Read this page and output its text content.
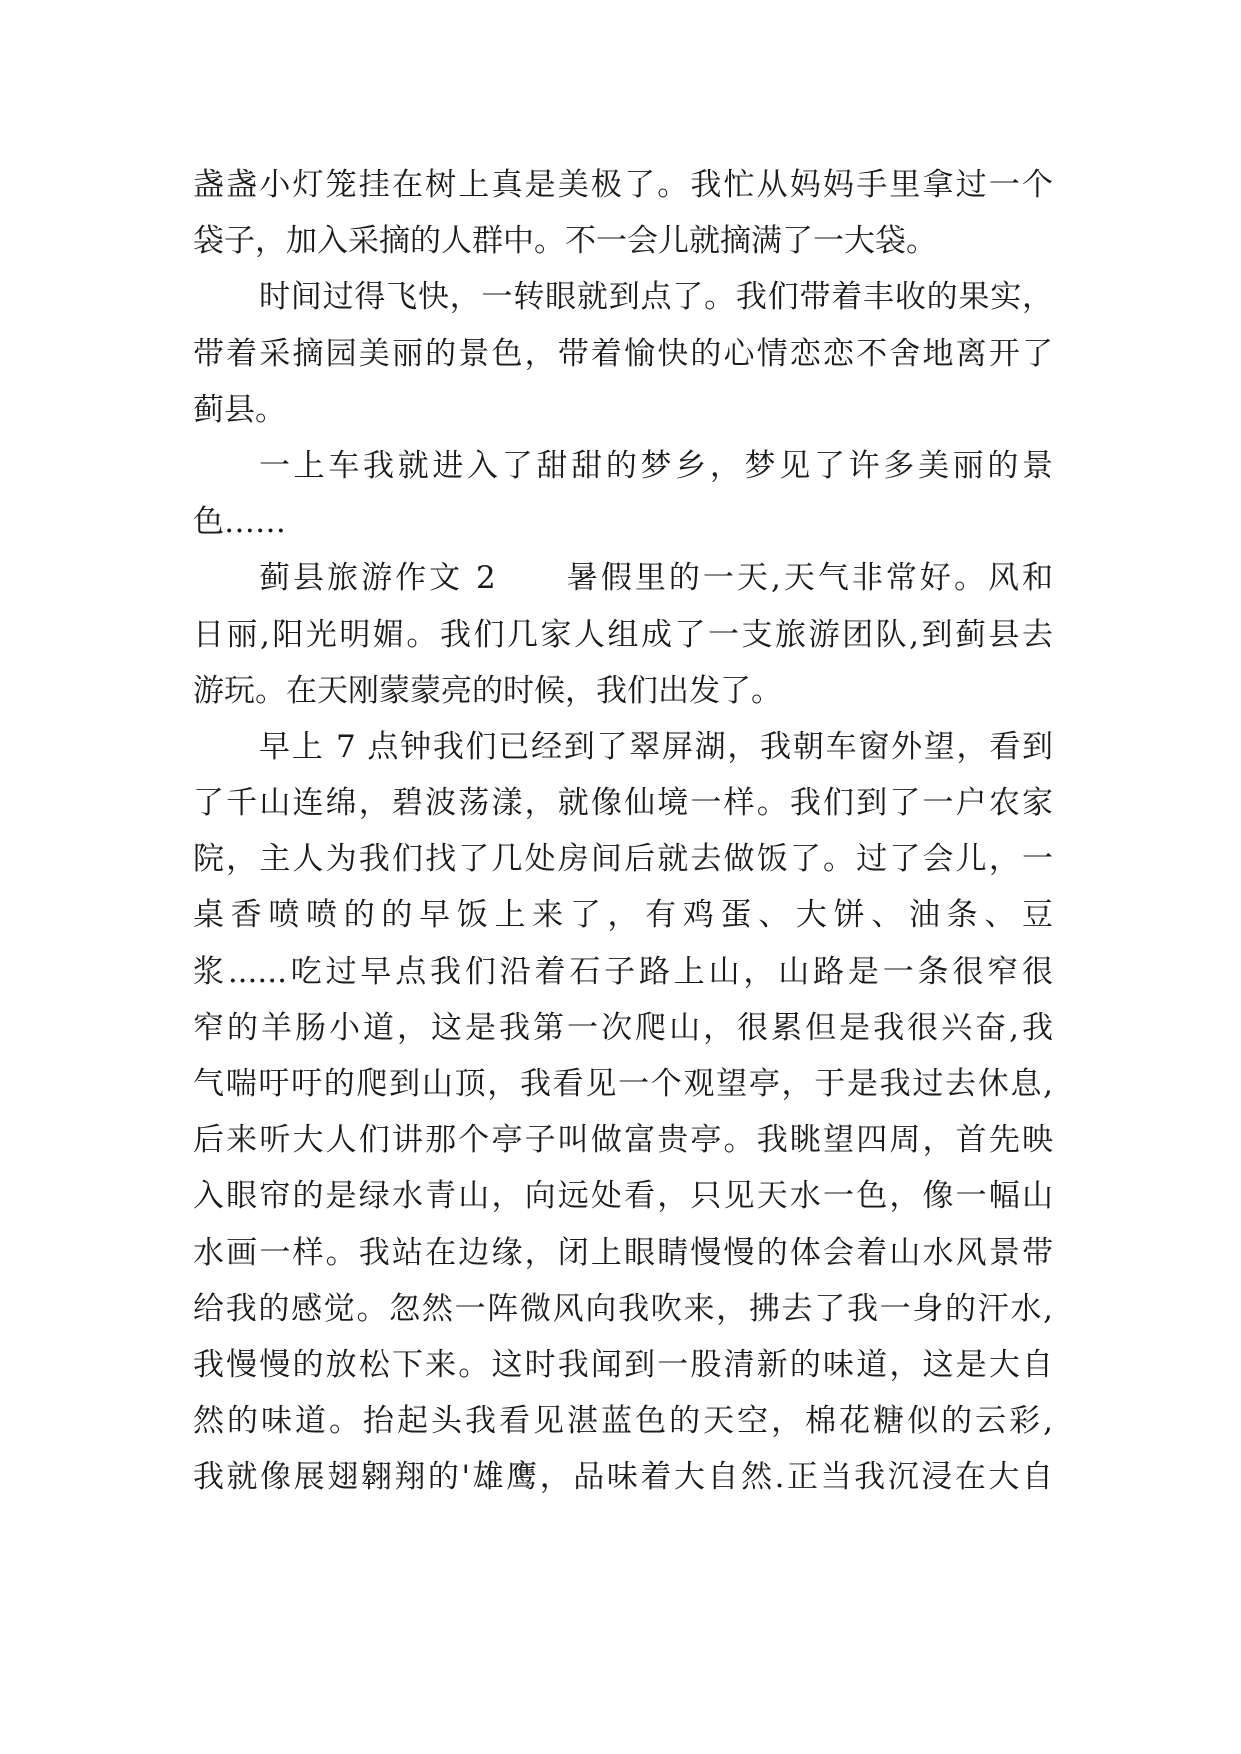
盏盏小灯笼挂在树上真是美极了。我忙从妈妈手里拿过一个
袋子，加入采摘的人群中。不一会儿就摘满了一大袋。
时间过得飞快，一转眼就到点了。我们带着丰收的果实，
带着采摘园美丽的景色，带着愉快的心情恋恋不舍地离开了
蓟县。
一上车我就进入了甜甜的梦乡，梦见了许多美丽的景
色……
蓟县旅游作文 2　　暑假里的一天,天气非常好。风和
日丽,阳光明媚。我们几家人组成了一支旅游团队,到蓟县去
游玩。在天刚蒙蒙亮的时候，我们出发了。
早上 7 点钟我们已经到了翠屏湖，我朝车窗外望，看到
了千山连绵，碧波荡漾，就像仙境一样。我们到了一户农家
院，主人为我们找了几处房间后就去做饭了。过了会儿，一
桌香喷喷的的早饭上来了，有鸡蛋、大饼、油条、豆
浆......吃过早点我们沿着石子路上山，山路是一条很窄很
窄的羊肠小道，这是我第一次爬山，很累但是我很兴奋,我
气喘吁吁的爬到山顶，我看见一个观望亭，于是我过去休息,
后来听大人们讲那个亭子叫做富贵亭。我眺望四周，首先映
入眼帘的是绿水青山，向远处看，只见天水一色，像一幅山
水画一样。我站在边缘，闭上眼睛慢慢的体会着山水风景带
给我的感觉。忽然一阵微风向我吹来，拂去了我一身的汗水,
我慢慢的放松下来。这时我闻到一股清新的味道，这是大自
然的味道。抬起头我看见湛蓝色的天空，棉花糖似的云彩,
我就像展翅翱翔的'雄鹰，品味着大自然.正当我沉浸在大自
